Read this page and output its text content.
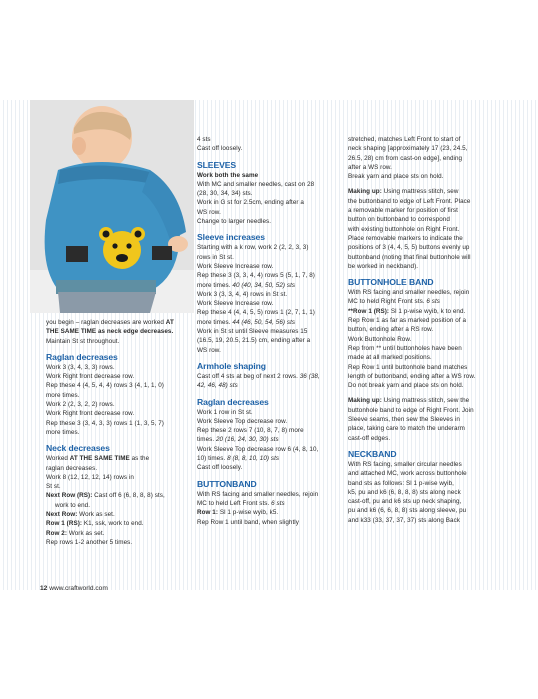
you begin – raglan decreases are worked AT

THE SAME TIME as neck edge decreases.

Maintain St st throughout.

Raglan decreases

Work 3 (3, 4, 3, 3) rows.

Work Right front decrease row.

Rep these 4 (4, 5, 4, 4) rows 3 (4, 1, 1, 0)

more times.

Work 2 (2, 3, 2, 2) rows.

Work Right front decrease row.

Rep these 3 (3, 4, 3, 3) rows 1 (1, 3, 5, 7)

more times.

Neck decreases

Worked AT THE SAME TIME as the

raglan decreases.

Work 8 (12, 12, 12, 14) rows in

St st.

Next Row (RS): Cast off 6 (6, 8, 8, 8) sts,

work to end.

Next Row: Work as set.

Row 1 (RS): K1, ssk, work to end.

Row 2: Work as set.

Rep rows 1-2 another 5 times.

4 sts

Cast off loosely.

SLEEVES

Work both the same

With MC and smaller needles, cast on 28

(28, 30, 34, 34) sts.

Work in G st for 2.5cm, ending after a

WS row.

Change to larger needles.

Sleeve increases

Starting with a k row, work 2 (2, 2, 3, 3)

rows in St st.

Work Sleeve Increase row.

Rep these 3 (3, 3, 4, 4) rows 5 (5, 1, 7, 8)

more times. 40 (40, 34, 50, 52) sts

Work 3 (3, 3, 4, 4) rows in St st.

Work Sleeve Increase row.

Rep these 4 (4, 4, 5, 5) rows 1 (2, 7, 1, 1)

more times. 44 (46, 50, 54, 56) sts

Work in St st until Sleeve measures 15

(16.5, 19, 20.5, 21.5) cm, ending after a

WS row.

Armhole shaping

Cast off 4 sts at beg of next 2 rows. 36 (38,

42, 46, 48) sts

Raglan decreases

Work 1 row in St st.

Work Sleeve Top decrease row.

Rep these 2 rows 7 (10, 8, 7, 8) more

times. 20 (16, 24, 30, 30) sts

Work Sleeve Top decrease row 6 (4, 8, 10,

10) times. 8 (8, 8, 10, 10) sts

Cast off loosely.

BUTTONBAND

With RS facing and smaller needles, rejoin

MC to held Left Front sts. 6 sts

Row 1: Sl 1 p-wise wyib, k5.

Rep Row 1 until band, when slightly

stretched, matches Left Front to start of

neck shaping [approximately 17 (23, 24.5,

26.5, 28) cm from cast-on edge], ending

after a WS row.

Break yarn and place sts on hold.

Making up: Using mattress stitch, sew

the buttonband to edge of Left Front. Place

a removable marker for position of first

button on buttonband to correspond

with existing buttonhole on Right Front.

Place removable markers to indicate the

positions of 3 (4, 4, 5, 5) buttons evenly up

buttonband (noting that final buttonhole will

be worked in neckband).

BUTTONHOLE BAND

With RS facing and smaller needles, rejoin

MC to held Right Front sts. 6 sts

**Row 1 (RS): Sl 1 p-wise wyib, k to end.

Rep Row 1 as far as marked position of a

button, ending after a RS row.

Work Buttonhole Row.

Rep from ** until buttonholes have been

made at all marked positions.

Rep Row 1 until buttonhole band matches

length of buttonband, ending after a WS row.

Do not break yarn and place sts on hold.

Making up: Using mattress stitch, sew the

buttonhole band to edge of Right Front. Join

Sleeve seams, then sew the Sleeves in

place, taking care to match the underarm

cast-off edges.

NECKBAND

With RS facing, smaller circular needles

and attached MC, work across buttonhole

band sts as follows: Sl 1 p-wise wyib,

k5, pu and k6 (6, 8, 8, 8) sts along neck

cast-off, pu and k6 sts up neck shaping,

pu and k6 (6, 6, 8, 8) sts along sleeve, pu

and k33 (33, 37, 37, 37) sts along Back

12 www.craftworld.com
